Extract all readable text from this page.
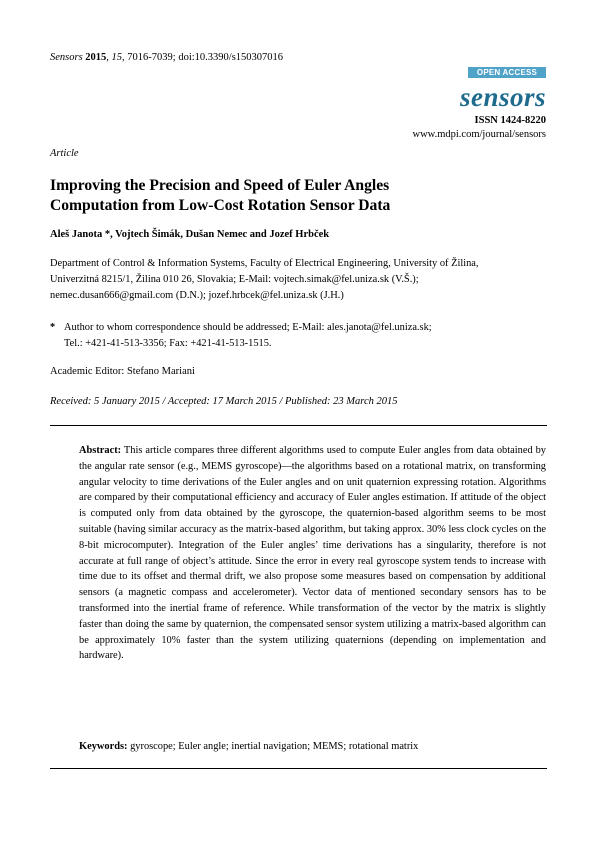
Sensors 2015, 15, 7016-7039; doi:10.3390/s150307016
OPEN ACCESS
sensors
ISSN 1424-8220
www.mdpi.com/journal/sensors
Article
Improving the Precision and Speed of Euler Angles
Computation from Low-Cost Rotation Sensor Data
Aleš Janota *, Vojtech Šimák, Dušan Nemec and Jozef Hrbček
Department of Control & Information Systems, Faculty of Electrical Engineering, University of Žilina,
Univerzitná 8215/1, Žilina 010 26, Slovakia; E-Mail: vojtech.simak@fel.uniza.sk (V.Š.);
nemec.dusan666@gmail.com (D.N.); jozef.hrbcek@fel.uniza.sk (J.H.)
* Author to whom correspondence should be addressed; E-Mail: ales.janota@fel.uniza.sk;
Tel.: +421-41-513-3356; Fax: +421-41-513-1515.
Academic Editor: Stefano Mariani
Received: 5 January 2015 / Accepted: 17 March 2015 / Published: 23 March 2015
Abstract: This article compares three different algorithms used to compute Euler angles from data obtained by the angular rate sensor (e.g., MEMS gyroscope)—the algorithms based on a rotational matrix, on transforming angular velocity to time derivations of the Euler angles and on unit quaternion expressing rotation. Algorithms are compared by their computational efficiency and accuracy of Euler angles estimation. If attitude of the object is computed only from data obtained by the gyroscope, the quaternion-based algorithm seems to be most suitable (having similar accuracy as the matrix-based algorithm, but taking approx. 30% less clock cycles on the 8-bit microcomputer). Integration of the Euler angles’ time derivations has a singularity, therefore is not accurate at full range of object’s attitude. Since the error in every real gyroscope system tends to increase with time due to its offset and thermal drift, we also propose some measures based on compensation by additional sensors (a magnetic compass and accelerometer). Vector data of mentioned secondary sensors has to be transformed into the inertial frame of reference. While transformation of the vector by the matrix is slightly faster than doing the same by quaternion, the compensated sensor system utilizing a matrix-based algorithm can be approximately 10% faster than the system utilizing quaternions (depending on implementation and hardware).
Keywords: gyroscope; Euler angle; inertial navigation; MEMS; rotational matrix
